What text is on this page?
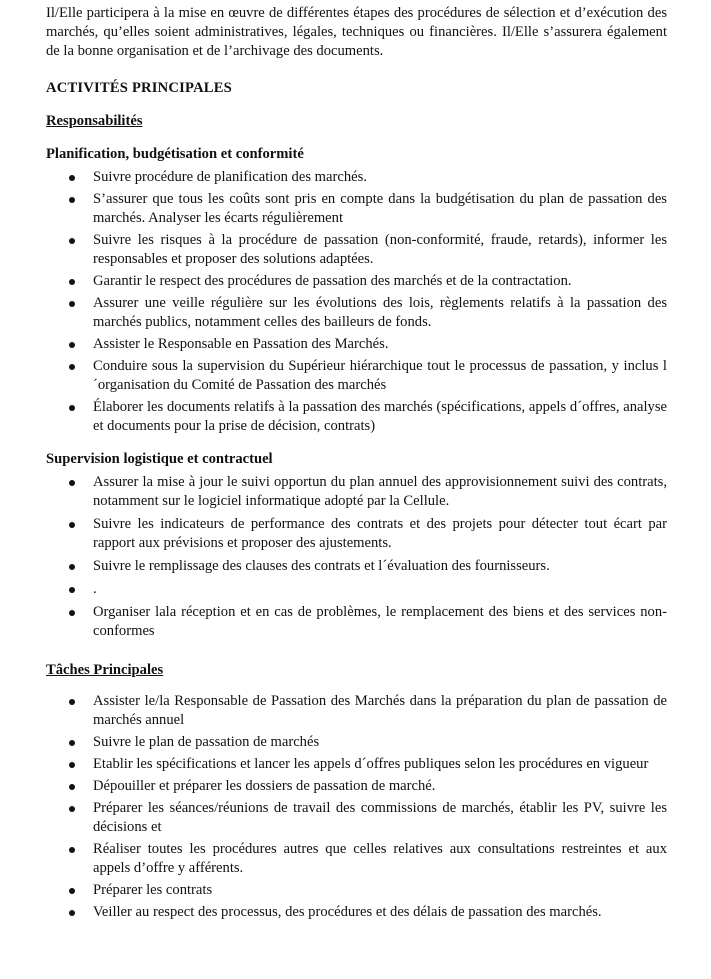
Il/Elle participera à la mise en œuvre de différentes étapes des procédures de sélection et d’exécution des marchés, qu’elles soient administratives, légales, techniques ou financières. Il/Elle s’assurera également de la bonne organisation et de l’archivage des documents.

ACTIVITÉS PRINCIPALES

Responsabilités

Planification, budgétisation et conformité

Suivre procédure de planification des marchés.
S’assurer que tous les coûts sont pris en compte dans la budgétisation du plan de passation des marchés. Analyser les écarts régulièrement
Suivre les risques à la procédure de passation (non-conformité, fraude, retards), informer les responsables et proposer des solutions adaptées.
Garantir le respect des procédures de passation des marchés et de la contractation.
Assurer une veille régulière sur les évolutions des lois, règlements relatifs à la passation des marchés publics, notamment celles des bailleurs de fonds.
Assister le Responsable en Passation des Marchés.
Conduire sous la supervision du Supérieur hiérarchique tout le processus de passation, y inclus l´organisation du Comité de Passation des marchés
Élaborer les documents relatifs à la passation des marchés (spécifications, appels d´offres, analyse et documents pour la prise de décision, contrats)

Supervision logistique et contractuel

Assurer la mise à jour le suivi opportun du plan annuel des approvisionnement suivi des contrats, notamment sur le logiciel informatique adopté par la Cellule.
Suivre les indicateurs de performance des contrats et des projets pour détecter tout écart par rapport aux prévisions et proposer des ajustements.
Suivre le remplissage des clauses des contrats et l´évaluation des fournisseurs.
.
Organiser lala réception et en cas de problèmes, le remplacement des biens et des services non-conformes

Tâches Principales

Assister le/la Responsable de Passation des Marchés dans la préparation du plan de passation de marchés annuel
Suivre le plan de passation de marchés
Etablir les spécifications et lancer les appels d´offres publiques selon les procédures en vigueur
Dépouiller et préparer les dossiers de passation de marché.
Préparer les séances/réunions de travail des commissions de marchés, établir les PV, suivre les décisions et
Réaliser toutes les procédures autres que celles relatives aux consultations restreintes et aux appels d’offre y afférents.
Préparer les contrats
Veiller au respect des processus, des procédures et des délais de passation des marchés.
